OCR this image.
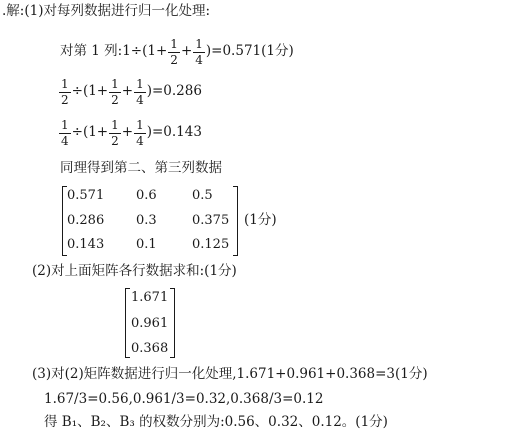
.解:(1)对每列数据进行归一化处理:
对第 1 列:1÷(1+ $\frac{1}{2} + \frac{1}{4} )=0.571(1$分)
$\frac{1}{2} \div(1+ \frac{1}{2} + \frac{1}{4} )=0.286$
$\frac{1}{4} \div(1+ \frac{1}{2} + \frac{1}{4} )=0.143$
同理得到第二、第三列数据
0.571 0.6	0.5
0.286 0.3	0.375
0.143 0.1	0.125
(1分)
(2)对上面矩阵各行数据求和:(1分)
1.671
0.961
0.368
(3)对(2)矩阵数据进行归一化处理,1.671+0.961+0.368=3(1分)
1.67/3=0.56,0.961/3=0.32,0.368/3=0.12
得 B₁、B₂、B₃ 的权数分别为:0.56、0.32、0.12。(1分)
